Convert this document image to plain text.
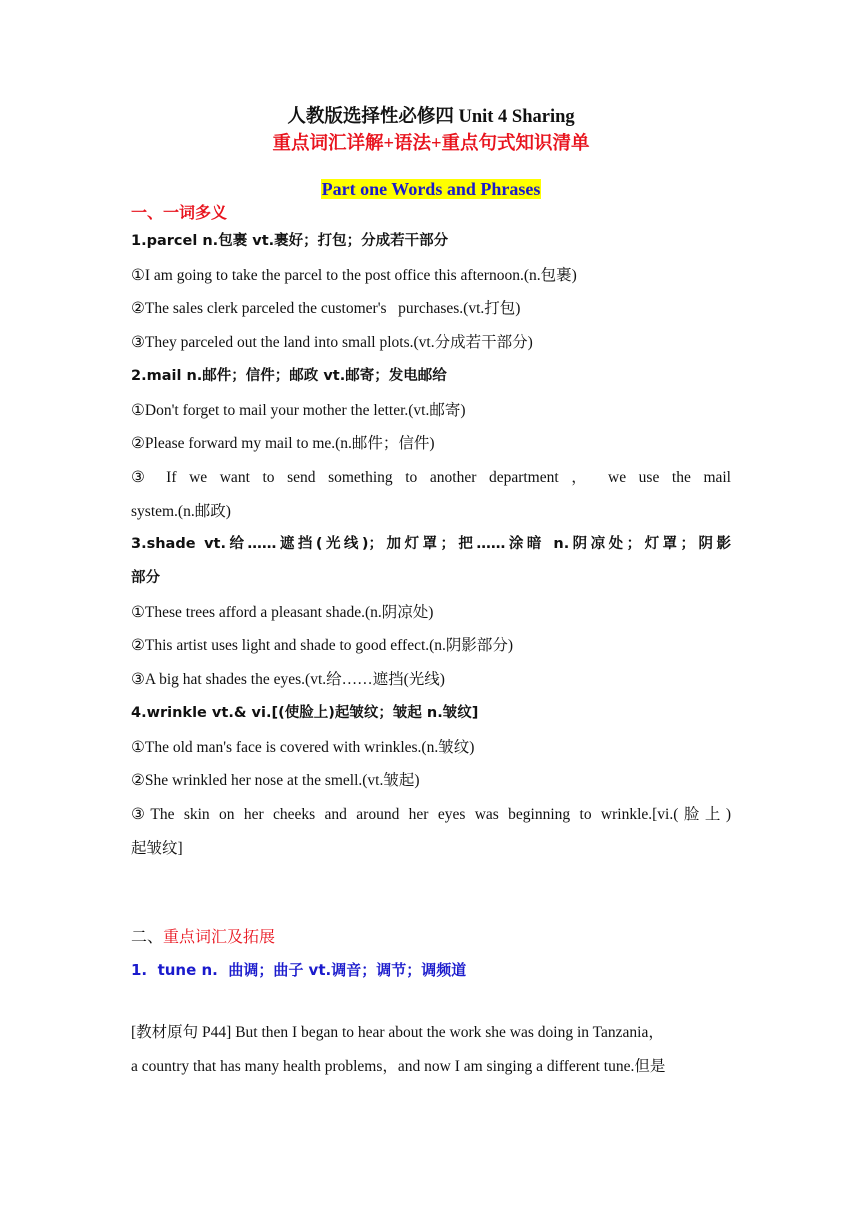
人教版选择性必修四 Unit 4 Sharing
重点词汇详解+语法+重点句式知识清单
Part one Words and Phrases
一、一词多义
1.parcel n.包裹 vt.裹好；打包；分成若干部分
①I am going to take the parcel to the post office this afternoon.(n.包裹)
②The sales clerk parceled the customer's   purchases.(vt.打包)
③They parceled out the land into small plots.(vt.分成若干部分)
2.mail n.邮件；信件；邮政 vt.邮寄；发电邮给
①Don't forget to mail your mother the letter.(vt.邮寄)
②Please forward my mail to me.(n.邮件；信件)
③ If we want to send something to another department ， we use the mail
system.(n.邮政)
3.shade vt.给……遮挡(光线)；加灯罩；把……涂暗 n.阴凉处；灯罩；阴影
部分
①These trees afford a pleasant shade.(n.阴凉处)
②This artist uses light and shade to good effect.(n.阴影部分)
③A big hat shades the eyes.(vt.给……遮挡(光线)
4.wrinkle vt.& vi.[(使脸上)起皱纹；皱起 n.皱纹]
①The old man's face is covered with wrinkles.(n.皱纹)
②She wrinkled her nose at the smell.(vt.皱起)
③The skin on her cheeks and around her eyes was beginning to wrinkle.[vi.(脸上)
起皱纹]
二、重点词汇及拓展
1.  tune n.  曲调；曲子 vt.调音；调节；调频道
[教材原句 P44] But then I began to hear about the work she was doing in Tanzania，
a country that has many health problems，and now I am singing a different tune.但是
